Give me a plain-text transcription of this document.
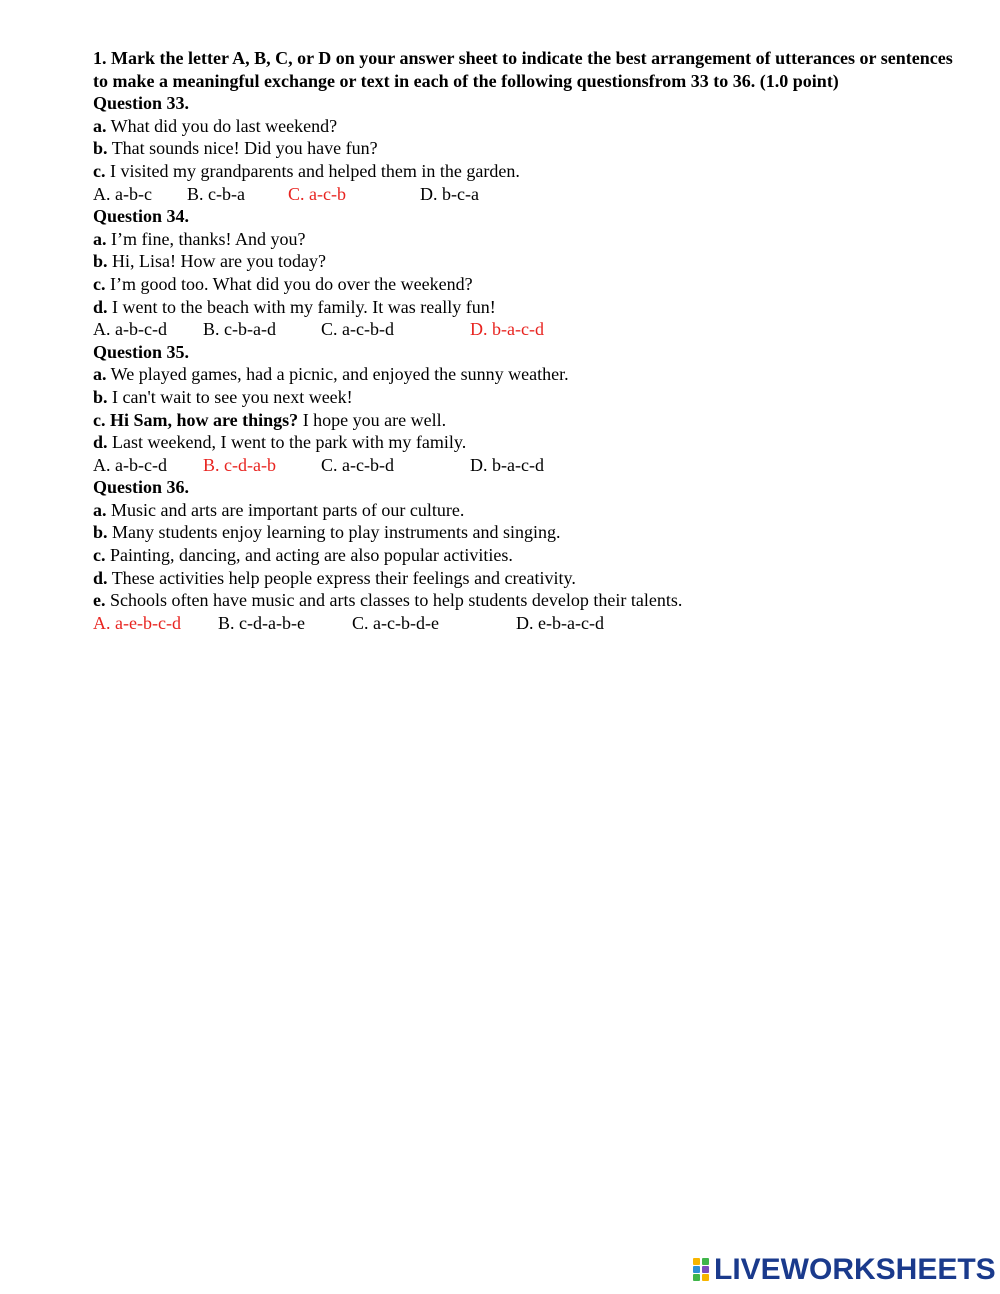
1. Mark the letter A, B, C, or D on your answer sheet to indicate the best arrangement of utterances or sentences to make a meaningful exchange or text in each of the following questionsfrom 33 to 36. (1.0 point)

Question 33.

a. What did you do last weekend?

b. That sounds nice! Did you have fun?

c. I visited my grandparents and helped them in the garden.

A. a-b-c B. c-b-a C. a-c-b	D. b-c-a

Question 34.

a. I’m fine, thanks! And you?

b. Hi, Lisa! How are you today?

c. I’m good too. What did you do over the weekend?

d. I went to the beach with my family. It was really fun!

A. a-b-c-d B. c-b-a-d	C. a-c-b-d	D. b-a-c-d

Question 35.

a. We played games, had a picnic, and enjoyed the sunny weather.

b. I can't wait to see you next week!

c. Hi Sam, how are things? I hope you are well.

d. Last weekend, I went to the park with my family.

A. a-b-c-d B. c-d-a-b	C. a-c-b-d	D. b-a-c-d

Question 36.

a. Music and arts are important parts of our culture.

b. Many students enjoy learning to play instruments and singing.

c. Painting, dancing, and acting are also popular activities.

d. These activities help people express their feelings and creativity.

e. Schools often have music and arts classes to help students develop their talents.

A. a-e-b-c-d B. c-d-a-b-e	C. a-c-b-d-e	D. e-b-a-c-d
LIVEWORKSHEETS
